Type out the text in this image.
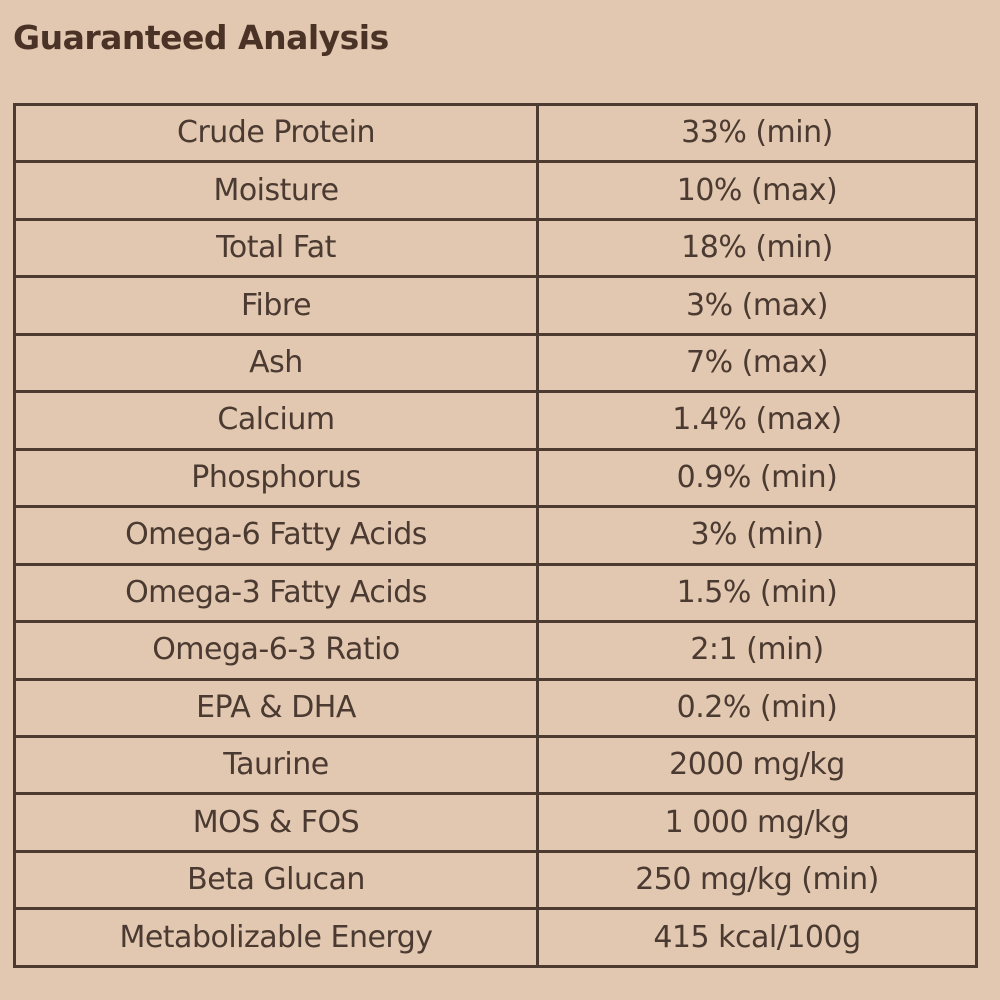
Guaranteed Analysis
Crude Protein	33% (min)
Moisture	10% (max)
Total Fat	18% (min)
Fibre	3% (max)
Ash	7% (max)
Calcium	1.4% (max)
Phosphorus	0.9% (min)
Omega-6 Fatty Acids	3% (min)
Omega-3 Fatty Acids	1.5% (min)
Omega-6-3 Ratio	2:1 (min)
EPA & DHA	0.2% (min)
Taurine	2000 mg/kg
MOS & FOS	1 000 mg/kg
Beta Glucan	250 mg/kg (min)
Metabolizable Energy	415 kcal/100g
